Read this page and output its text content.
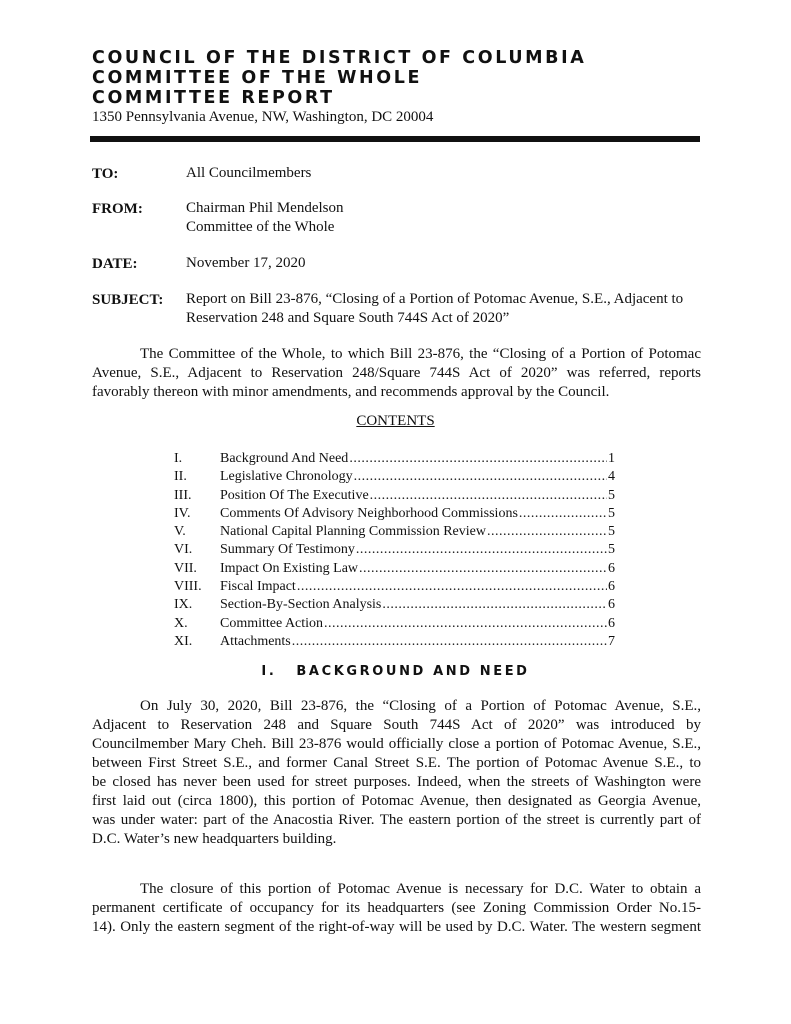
COUNCIL OF THE DISTRICT OF COLUMBIA
COMMITTEE OF THE WHOLE
COMMITTEE REPORT
1350 Pennsylvania Avenue, NW, Washington, DC 20004
TO:	All Councilmembers
FROM:	Chairman Phil Mendelson
Committee of the Whole
DATE:	November 17, 2020
SUBJECT: Report on Bill 23-876, “Closing of a Portion of Potomac Avenue, S.E., Adjacent to
Reservation 248 and Square South 744S Act of 2020”
The Committee of the Whole, to which Bill 23-876, the “Closing of a Portion of Potomac
Avenue, S.E., Adjacent to Reservation 248/Square 744S Act of 2020” was referred, reports
favorably thereon with minor amendments, and recommends approval by the Council.
CONTENTS
I.	Background And Need .....	1
II.	Legislative Chronology .....	4
III.	Position Of The Executive .....	5
IV.	Comments Of Advisory Neighborhood Commissions .....	5
V.	National Capital Planning Commission Review .....	5
VI.	Summary Of Testimony .....	5
VII.	Impact On Existing Law .....	6
VIII.	Fiscal Impact .....	6
IX.	Section-By-Section Analysis .....	6
X.	Committee Action .....	6
XI.	Attachments .....	7
I. BACKGROUND AND NEED
On July 30, 2020, Bill 23-876, the “Closing of a Portion of Potomac Avenue, S.E.,
Adjacent to Reservation 248 and Square South 744S Act of 2020” was introduced by
Councilmember Mary Cheh. Bill 23-876 would officially close a portion of Potomac Avenue, S.E.,
between First Street S.E., and former Canal Street S.E. The portion of Potomac Avenue S.E., to
be closed has never been used for street purposes. Indeed, when the streets of Washington were
first laid out (circa 1800), this portion of Potomac Avenue, then designated as Georgia Avenue,
was under water: part of the Anacostia River. The eastern portion of the street is currently part of
D.C. Water’s new headquarters building.
The closure of this portion of Potomac Avenue is necessary for D.C. Water to obtain a
permanent certificate of occupancy for its headquarters (see Zoning Commission Order No.15-
14). Only the eastern segment of the right-of-way will be used by D.C. Water. The western segment
